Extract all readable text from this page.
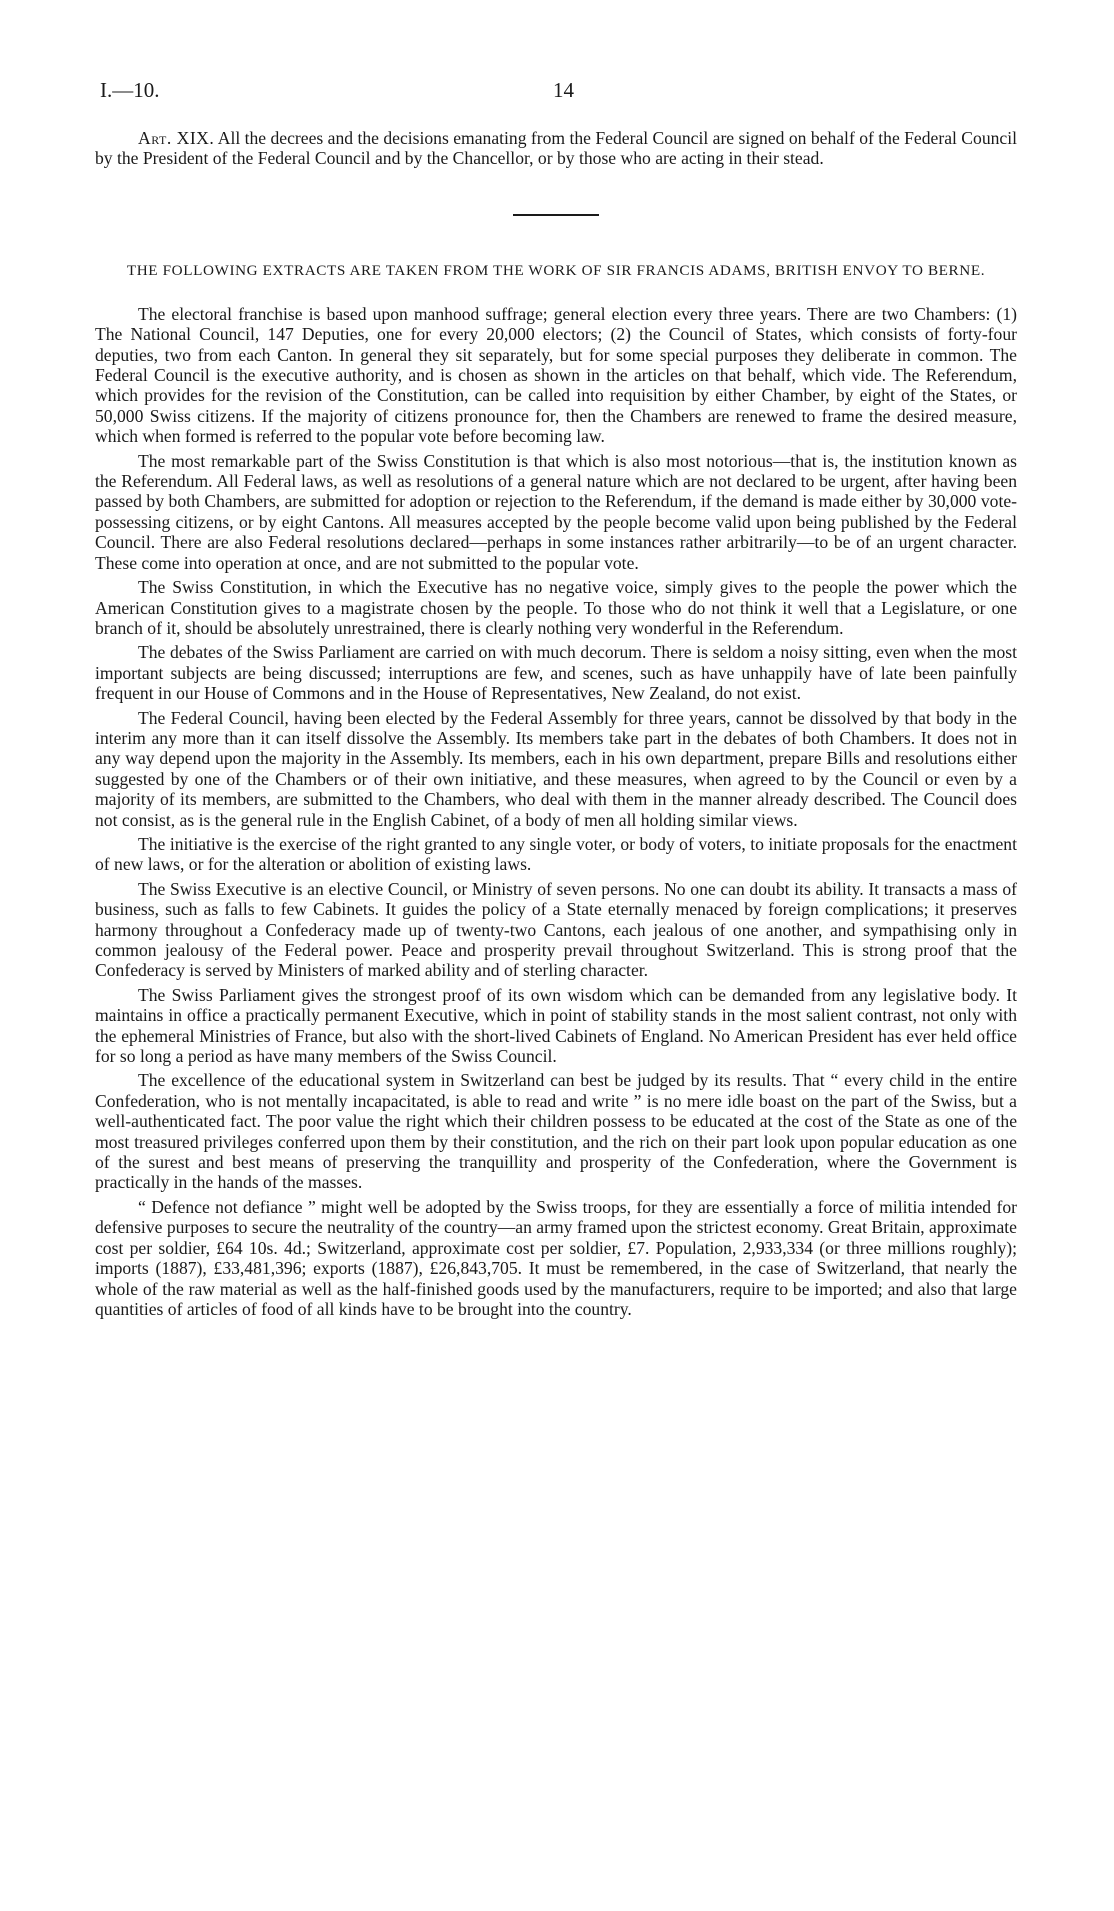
I.—10.	14

Art. XIX. All the decrees and the decisions emanating from the Federal Council are signed on behalf of the Federal Council by the President of the Federal Council and by the Chancellor, or by those who are acting in their stead.

THE FOLLOWING EXTRACTS ARE TAKEN FROM THE WORK OF SIR FRANCIS ADAMS, BRITISH ENVOY TO BERNE.

The electoral franchise is based upon manhood suffrage; general election every three years. There are two Chambers: (1) The National Council, 147 Deputies, one for every 20,000 electors; (2) the Council of States, which consists of forty-four deputies, two from each Canton. In general they sit separately, but for some special purposes they deliberate in common. The Federal Council is the executive authority, and is chosen as shown in the articles on that behalf, which vide. The Referendum, which provides for the revision of the Constitution, can be called into requisition by either Chamber, by eight of the States, or 50,000 Swiss citizens. If the majority of citizens pronounce for, then the Chambers are renewed to frame the desired measure, which when formed is referred to the popular vote before becoming law.

The most remarkable part of the Swiss Constitution is that which is also most notorious—that is, the institution known as the Referendum. All Federal laws, as well as resolutions of a general nature which are not declared to be urgent, after having been passed by both Chambers, are submitted for adoption or rejection to the Referendum, if the demand is made either by 30,000 vote-possessing citizens, or by eight Cantons. All measures accepted by the people become valid upon being published by the Federal Council. There are also Federal resolutions declared—perhaps in some instances rather arbitrarily—to be of an urgent character. These come into operation at once, and are not submitted to the popular vote.

The Swiss Constitution, in which the Executive has no negative voice, simply gives to the people the power which the American Constitution gives to a magistrate chosen by the people. To those who do not think it well that a Legislature, or one branch of it, should be absolutely unrestrained, there is clearly nothing very wonderful in the Referendum.

The debates of the Swiss Parliament are carried on with much decorum. There is seldom a noisy sitting, even when the most important subjects are being discussed; interruptions are few, and scenes, such as have unhappily have of late been painfully frequent in our House of Commons and in the House of Representatives, New Zealand, do not exist.

The Federal Council, having been elected by the Federal Assembly for three years, cannot be dissolved by that body in the interim any more than it can itself dissolve the Assembly. Its members take part in the debates of both Chambers. It does not in any way depend upon the majority in the Assembly. Its members, each in his own department, prepare Bills and resolutions either suggested by one of the Chambers or of their own initiative, and these measures, when agreed to by the Council or even by a majority of its members, are submitted to the Chambers, who deal with them in the manner already described. The Council does not consist, as is the general rule in the English Cabinet, of a body of men all holding similar views.

The initiative is the exercise of the right granted to any single voter, or body of voters, to initiate proposals for the enactment of new laws, or for the alteration or abolition of existing laws.

The Swiss Executive is an elective Council, or Ministry of seven persons. No one can doubt its ability. It transacts a mass of business, such as falls to few Cabinets. It guides the policy of a State eternally menaced by foreign complications; it preserves harmony throughout a Confederacy made up of twenty-two Cantons, each jealous of one another, and sympathising only in common jealousy of the Federal power. Peace and prosperity prevail throughout Switzerland. This is strong proof that the Confederacy is served by Ministers of marked ability and of sterling character.

The Swiss Parliament gives the strongest proof of its own wisdom which can be demanded from any legislative body. It maintains in office a practically permanent Executive, which in point of stability stands in the most salient contrast, not only with the ephemeral Ministries of France, but also with the short-lived Cabinets of England. No American President has ever held office for so long a period as have many members of the Swiss Council.

The excellence of the educational system in Switzerland can best be judged by its results. That “ every child in the entire Confederation, who is not mentally incapacitated, is able to read and write ” is no mere idle boast on the part of the Swiss, but a well-authenticated fact. The poor value the right which their children possess to be educated at the cost of the State as one of the most treasured privileges conferred upon them by their constitution, and the rich on their part look upon popular education as one of the surest and best means of preserving the tranquillity and prosperity of the Confederation, where the Government is practically in the hands of the masses.

“ Defence not defiance ” might well be adopted by the Swiss troops, for they are essentially a force of militia intended for defensive purposes to secure the neutrality of the country—an army framed upon the strictest economy. Great Britain, approximate cost per soldier, £64 10s. 4d.; Switzerland, approximate cost per soldier, £7. Population, 2,933,334 (or three millions roughly); imports (1887), £33,481,396; exports (1887), £26,843,705. It must be remembered, in the case of Switzerland, that nearly the whole of the raw material as well as the half-finished goods used by the manufacturers, require to be imported; and also that large quantities of articles of food of all kinds have to be brought into the country.
